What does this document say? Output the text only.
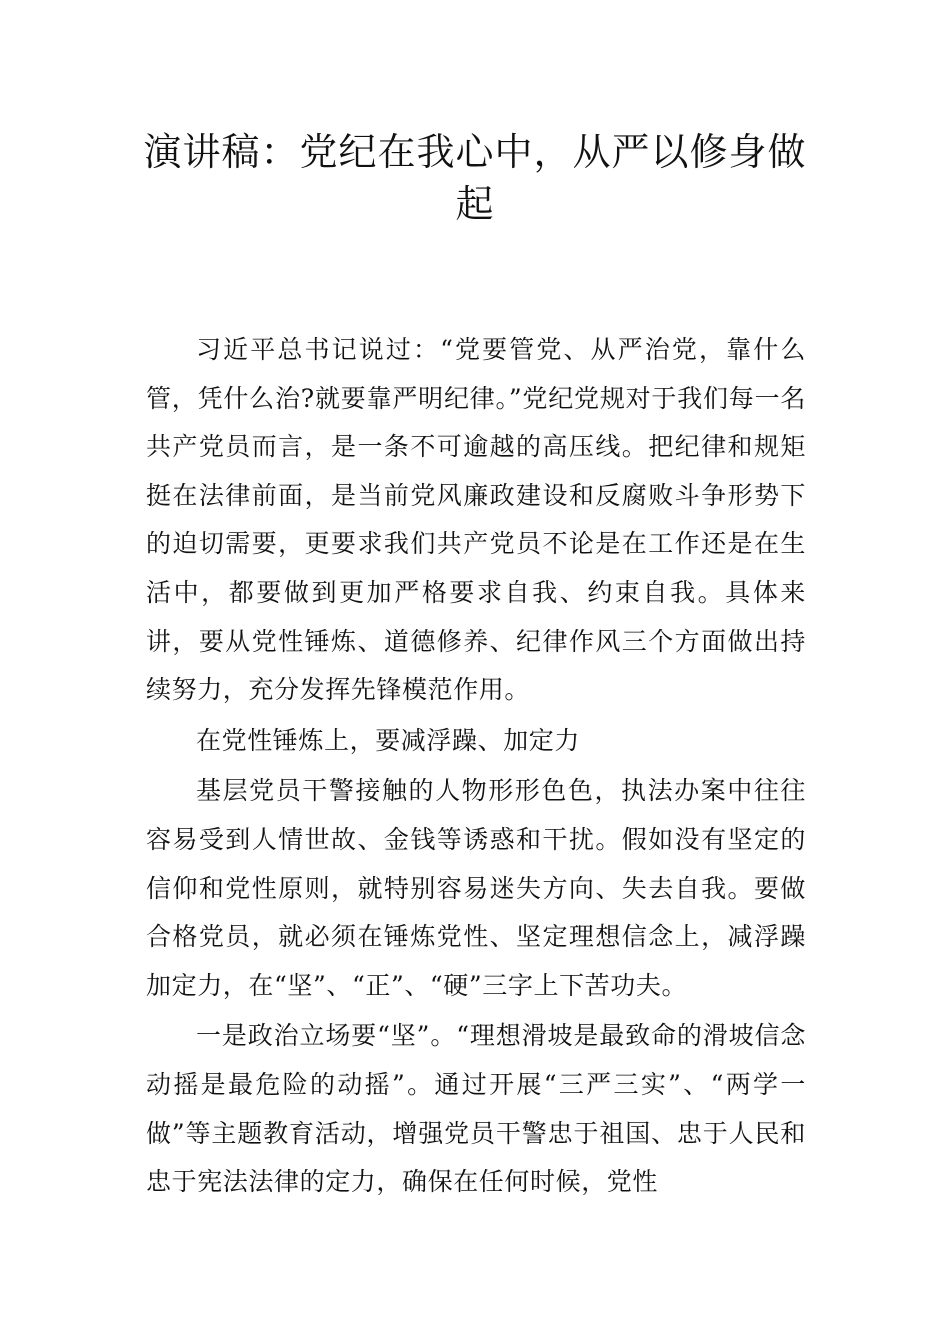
演讲稿：党纪在我心中，从严以修身做起

习近平总书记说过：“党要管党、从严治党，靠什么管，凭什么治?就要靠严明纪律。”党纪党规对于我们每一名共产党员而言，是一条不可逾越的高压线。把纪律和规矩挺在法律前面，是当前党风廉政建设和反腐败斗争形势下的迫切需要，更要求我们共产党员不论是在工作还是在生活中，都要做到更加严格要求自我、约束自我。具体来讲，要从党性锤炼、道德修养、纪律作风三个方面做出持续努力，充分发挥先锋模范作用。

在党性锤炼上，要减浮躁、加定力

基层党员干警接触的人物形形色色，执法办案中往往容易受到人情世故、金钱等诱惑和干扰。假如没有坚定的信仰和党性原则，就特别容易迷失方向、失去自我。要做合格党员，就必须在锤炼党性、坚定理想信念上，减浮躁加定力，在“坚”、“正”、“硬”三字上下苦功夫。

一是政治立场要“坚”。“理想滑坡是最致命的滑坡信念动摇是最危险的动摇”。通过开展“三严三实”、“两学一做”等主题教育活动，增强党员干警忠于祖国、忠于人民和忠于宪法法律的定力，确保在任何时候，党性
